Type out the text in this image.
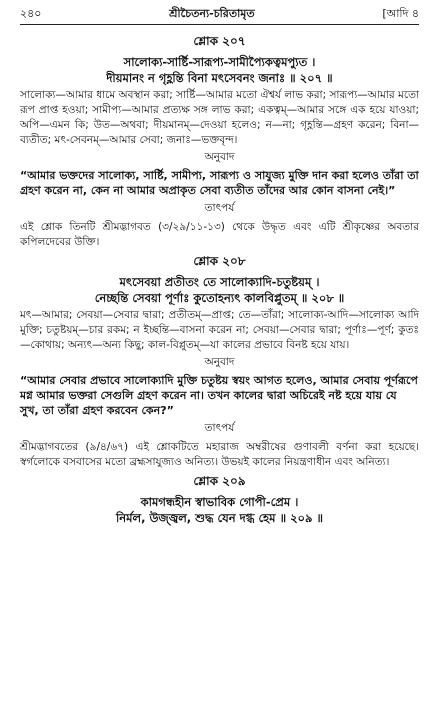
২৪০	শ্রীচৈতন্য-চরিতামৃত	[আদি ৪
শ্লোক ২০৭
সালোক্য-সার্ষ্টি-সারূপ্য-সামীপ্যৈকত্বমপ্যুত ।
দীয়মানং ন গৃহ্ণন্তি বিনা মৎসেবনং জনাঃ ॥ ২০৭ ॥
সালোক্য—আমার ধামে অবস্থান করা; সার্ষ্টি—আমার মতো ঐশ্বর্য লাভ করা; সারূপ্য—আমার মতো রূপ প্রাপ্ত হওয়া; সামীপ্য—আমার প্রত্যক্ষ সঙ্গ লাভ করা; একত্বম্—আমার সঙ্গে এক হয়ে যাওয়া; অপি—এমন কি; উত—অথবা; দীয়মানম্—দেওয়া হলেও; ন—না; গৃহ্ণন্তি—গ্রহণ করেন; বিনা—ব্যতীত; মৎ-সেবনম্—আমার সেবা; জনাঃ—ভক্তবৃন্দ।
অনুবাদ
“আমার ভক্তদের সালোক্য, সার্ষ্টি, সামীপ্য, সারূপ্য ও সাযুজ্য মুক্তি দান করা হলেও তাঁরা তা গ্রহণ করেন না, কেন না আমার অপ্রাকৃত সেবা ব্যতীত তাঁদের আর কোন বাসনা নেই।”
তাৎপর্য
এই শ্লোক তিনটি শ্রীমদ্ভাগবত (৩/২৯/১১-১৩) থেকে উদ্ধৃত এবং এটি শ্রীকৃষ্ণের অবতার কপিলদেবের উক্তি।
শ্লোক ২০৮
মৎসেবয়া প্রতীতং তে সালোক্যাদি-চতুষ্টয়ম্ ।
নেচ্ছন্তি সেবয়া পূর্ণাঃ কুতোহন্যৎ কালবিপ্লুতম্ ॥ ২০৮ ॥
মৎ—আমার; সেবয়া—সেবার দ্বারা; প্রতীতম্—প্রাপ্ত; তে—তাঁরা; সালোক্য-আদি—সালোক্য আদি মুক্তি; চতুষ্টয়ম্—চার রকম; ন ইচ্ছন্তি—বাসনা করেন না; সেবয়া—সেবার দ্বারা; পূর্ণাঃ—পূর্ণ; কুতঃ—কোথায়; অন্যৎ—অন্য কিছু; কাল-বিপ্লুতম্—যা কালের প্রভাবে বিনষ্ট হয়ে যায়।
অনুবাদ
“আমার সেবার প্রভাবে সালোক্যাদি মুক্তি চতুষ্টয় স্বয়ং আগত হলেও, আমার সেবায় পূর্ণরূপে মগ্ন আমার ভক্তরা সেগুলি গ্রহণ করেন না। তখন কালের দ্বারা অচিরেই নষ্ট হয়ে যায় যে সুখ, তা তাঁরা গ্রহণ করবেন কেন?”
তাৎপর্য
শ্রীমদ্ভাগবতের (৯/৪/৬৭) এই শ্লোকটিতে মহারাজ অম্বরীষের গুণাবলী বর্ণনা করা হয়েছে। স্বর্গলোকে বসবাসের মতো ব্রহ্মসাযুজ্যও অনিত্য। উভয়ই কালের নিয়ন্ত্রণাধীন এবং অনিত্য।
শ্লোক ২০৯
কামগন্ধহীন স্বাভাবিক গোপী-প্রেম ।
নির্মল, উজ্জ্বল, শুদ্ধ যেন দগ্ধ হেম ॥ ২০৯ ॥
